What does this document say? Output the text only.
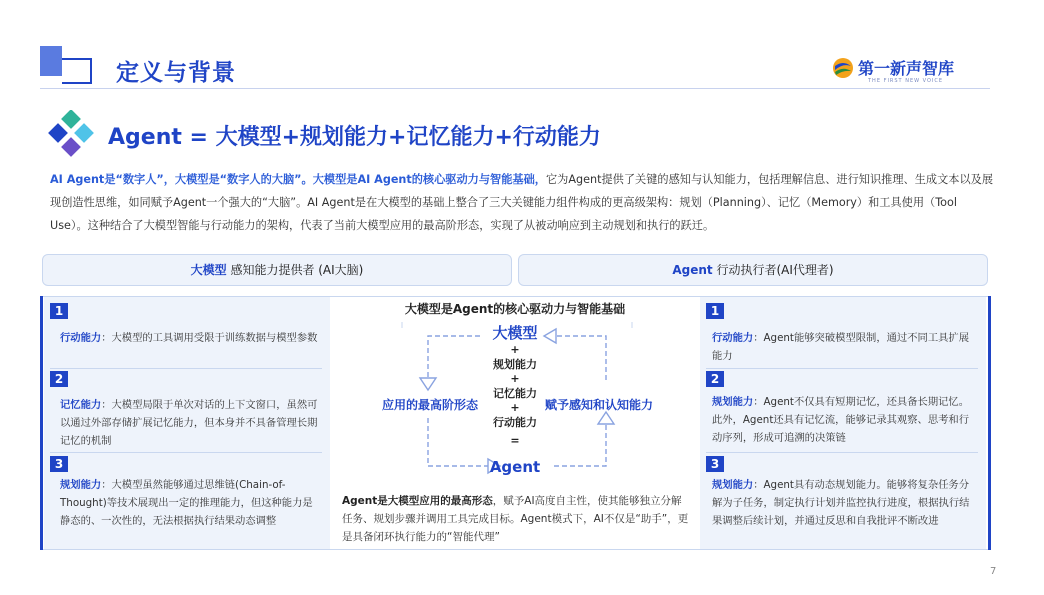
定义与背景	第一新声智库
THE FIRST NEW VOICE
Agent = 大模型+规划能力+记忆能力+行动能力
AI Agent是“数字人”，大模型是“数字人的大脑”。大模型是AI Agent的核心驱动力与智能基础，它为Agent提供了关键的感知与认知能力，包括理解信息、进行知识推理、生成文本以及展现创造性思维，如同赋予Agent一个强大的“大脑”。AI Agent是在大模型的基础上整合了三大关键能力组件构成的更高级架构：规划（Planning）、记忆（Memory）和工具使用（Tool Use）。这种结合了大模型智能与行动能力的架构，代表了当前大模型应用的最高阶形态，实现了从被动响应到主动规划和执行的跃迁。
大模型 感知能力提供者 (AI大脑)	Agent 行动执行者(AI代理者)
1
行动能力：大模型的工具调用受限于训练数据与模型参数
2
记忆能力：大模型局限于单次对话的上下文窗口，虽然可以通过外部存储扩展记忆能力，但本身并不具备管理长期记忆的机制
3
规划能力：大模型虽然能够通过思维链(Chain-of-Thought)等技术展现出一定的推理能力，但这种能力是静态的、一次性的，无法根据执行结果动态调整
1
行动能力：Agent能够突破模型限制，通过不同工具扩展能力
2
规划能力：Agent不仅具有短期记忆，还具备长期记忆。此外，Agent还具有记忆流，能够记录其观察、思考和行动序列，形成可追溯的决策链
3
规划能力：Agent具有动态规划能力。能够将复杂任务分解为子任务，制定执行计划并监控执行进度，根据执行结果调整后续计划，并通过反思和自我批评不断改进
大模型是Agent的核心驱动力与智能基础
大模型
+
规划能力
+
记忆能力
+
行动能力
=
Agent
应用的最高阶形态	赋予感知和认知能力
Agent是大模型应用的最高形态，赋予AI高度自主性，使其能够独立分解任务、规划步骤并调用工具完成目标。Agent模式下，AI不仅是“助手”，更是具备闭环执行能力的“智能代理”
7
